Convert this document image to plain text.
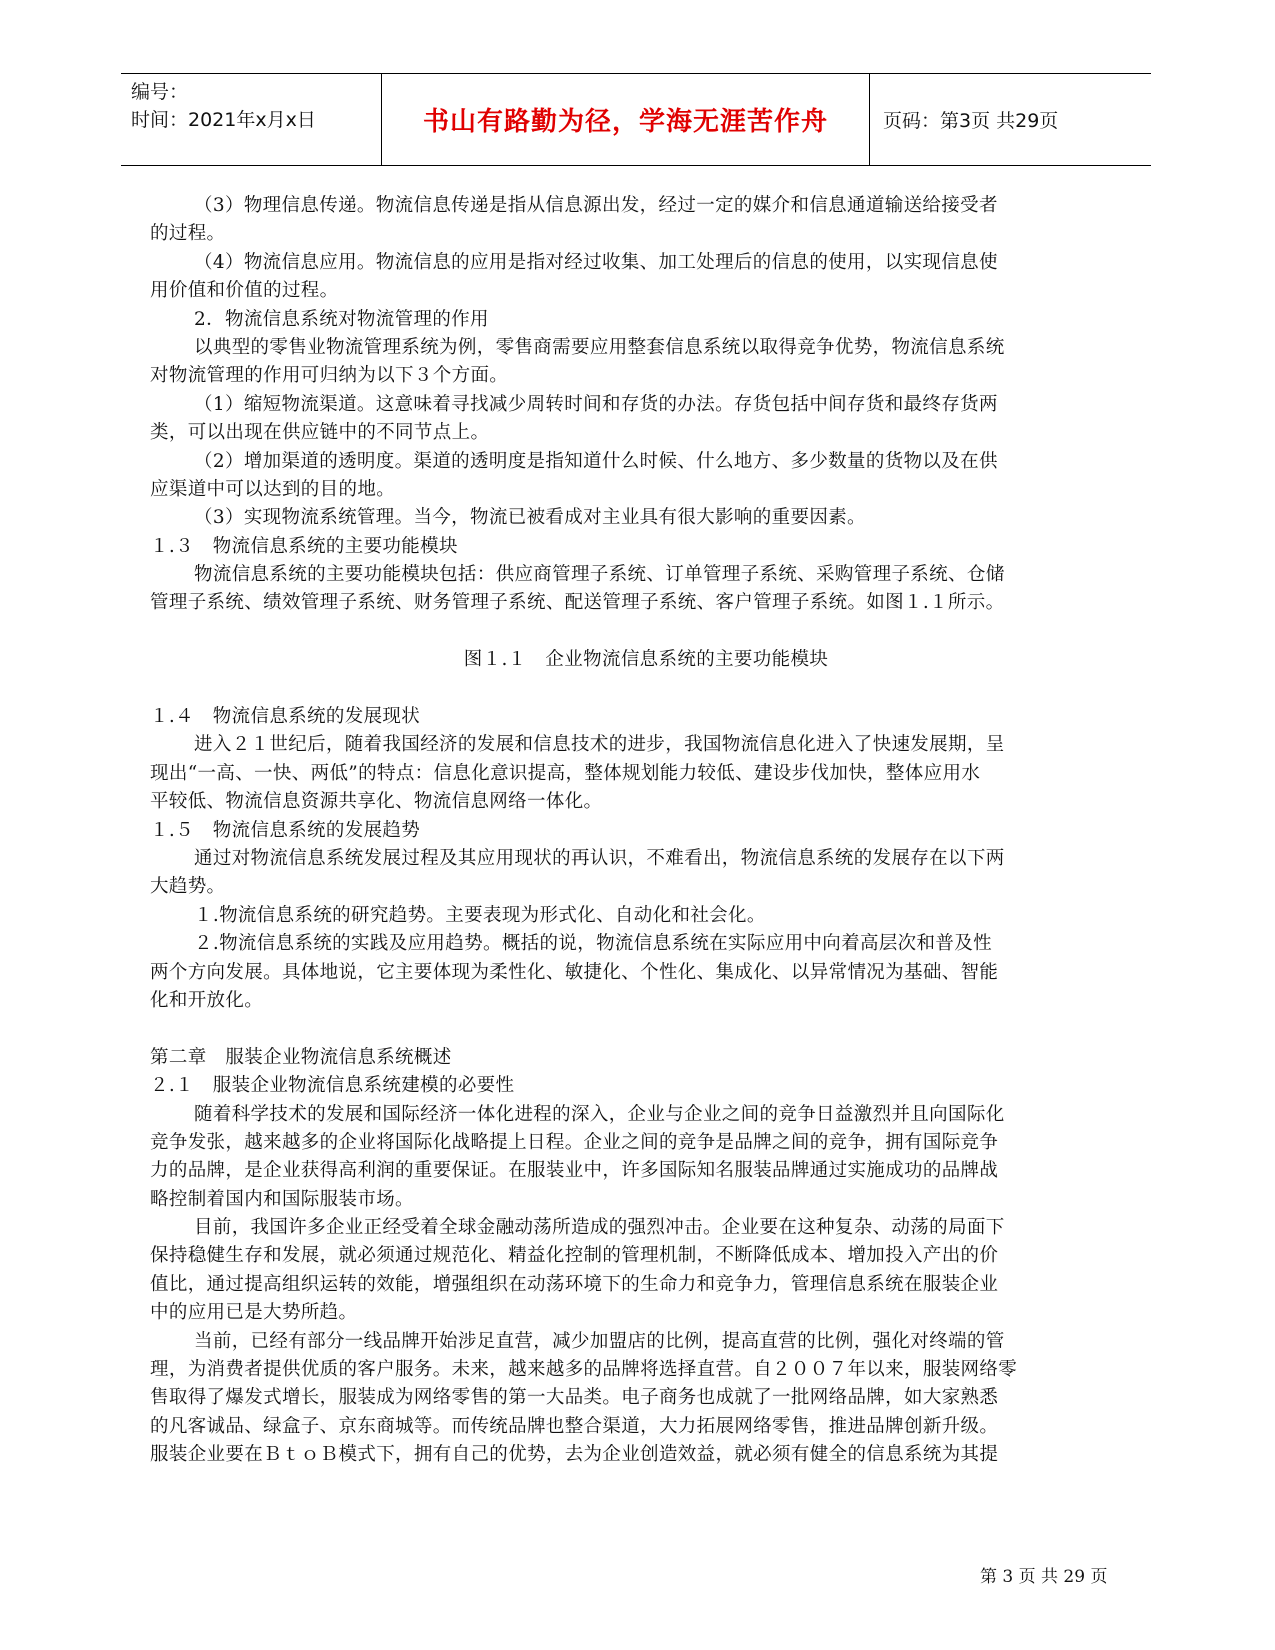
编号：
时间：2021年x月x日	书山有路勤为径，学海无涯苦作舟	页码：第3页 共29页
（3）物理信息传递。物流信息传递是指从信息源出发，经过一定的媒介和信息通道输送给接受者
的过程。
（4）物流信息应用。物流信息的应用是指对经过收集、加工处理后的信息的使用，以实现信息使
用价值和价值的过程。
2．物流信息系统对物流管理的作用
以典型的零售业物流管理系统为例，零售商需要应用整套信息系统以取得竞争优势，物流信息系统
对物流管理的作用可归纳为以下３个方面。
（1）缩短物流渠道。这意味着寻找减少周转时间和存货的办法。存货包括中间存货和最终存货两
类，可以出现在供应链中的不同节点上。
（2）增加渠道的透明度。渠道的透明度是指知道什么时候、什么地方、多少数量的货物以及在供
应渠道中可以达到的目的地。
（3）实现物流系统管理。当今，物流已被看成对主业具有很大影响的重要因素。
１.３　物流信息系统的主要功能模块
物流信息系统的主要功能模块包括：供应商管理子系统、订单管理子系统、采购管理子系统、仓储
管理子系统、绩效管理子系统、财务管理子系统、配送管理子系统、客户管理子系统。如图１.１所示。
图１.１　企业物流信息系统的主要功能模块
１.４　物流信息系统的发展现状
进入２１世纪后，随着我国经济的发展和信息技术的进步，我国物流信息化进入了快速发展期，呈
现出“一高、一快、两低”的特点：信息化意识提高，整体规划能力较低、建设步伐加快，整体应用水
平较低、物流信息资源共享化、物流信息网络一体化。
１.５　物流信息系统的发展趋势
通过对物流信息系统发展过程及其应用现状的再认识，不难看出，物流信息系统的发展存在以下两
大趋势。
１.物流信息系统的研究趋势。主要表现为形式化、自动化和社会化。
２.物流信息系统的实践及应用趋势。概括的说，物流信息系统在实际应用中向着高层次和普及性
两个方向发展。具体地说，它主要体现为柔性化、敏捷化、个性化、集成化、以异常情况为基础、智能
化和开放化。
第二章　服装企业物流信息系统概述
２.１　服装企业物流信息系统建模的必要性
随着科学技术的发展和国际经济一体化进程的深入，企业与企业之间的竞争日益激烈并且向国际化
竞争发张，越来越多的企业将国际化战略提上日程。企业之间的竞争是品牌之间的竞争，拥有国际竞争
力的品牌，是企业获得高利润的重要保证。在服装业中，许多国际知名服装品牌通过实施成功的品牌战
略控制着国内和国际服装市场。
目前，我国许多企业正经受着全球金融动荡所造成的强烈冲击。企业要在这种复杂、动荡的局面下
保持稳健生存和发展，就必须通过规范化、精益化控制的管理机制，不断降低成本、增加投入产出的价
值比，通过提高组织运转的效能，增强组织在动荡环境下的生命力和竞争力，管理信息系统在服装企业
中的应用已是大势所趋。
当前，已经有部分一线品牌开始涉足直营，减少加盟店的比例，提高直营的比例，强化对终端的管
理，为消费者提供优质的客户服务。未来，越来越多的品牌将选择直营。自２００７年以来，服装网络零
售取得了爆发式增长，服装成为网络零售的第一大品类。电子商务也成就了一批网络品牌，如大家熟悉
的凡客诚品、绿盒子、京东商城等。而传统品牌也整合渠道，大力拓展网络零售，推进品牌创新升级。
服装企业要在ＢｔｏＢ模式下，拥有自己的优势，去为企业创造效益，就必须有健全的信息系统为其提
第 3 页 共 29 页
